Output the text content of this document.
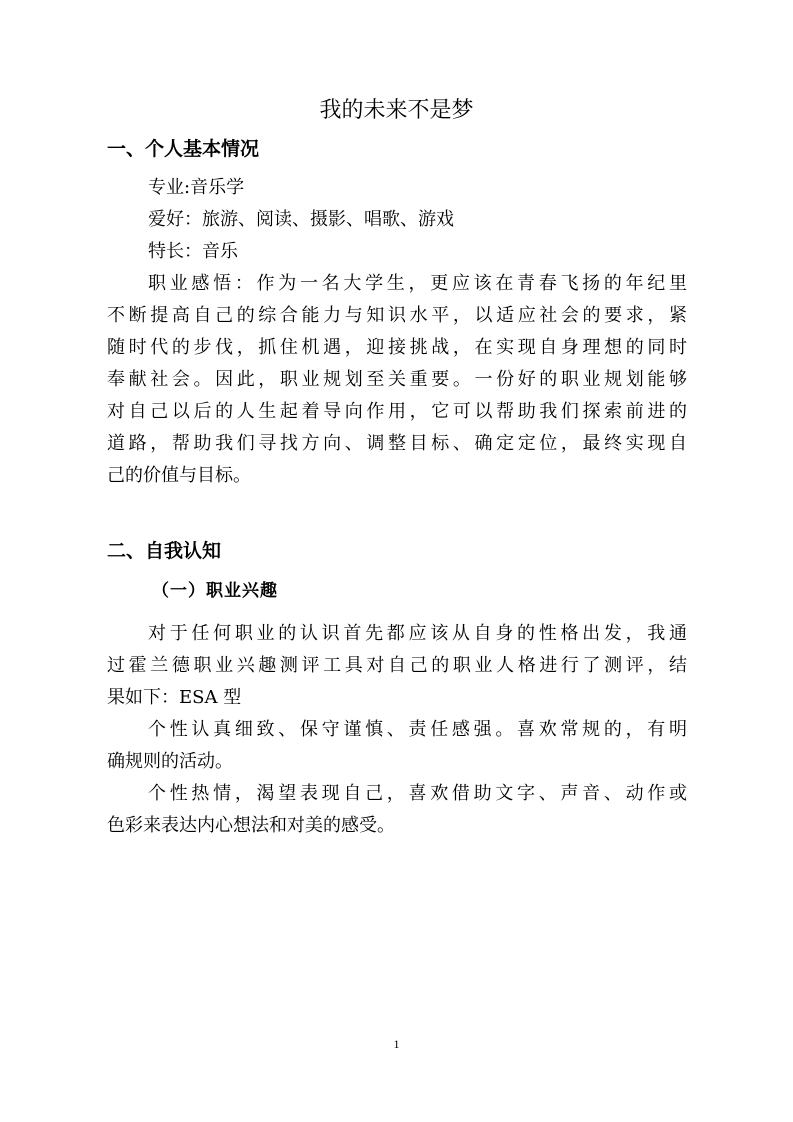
我的未来不是梦
一、个人基本情况
专业:音乐学
爱好：旅游、阅读、摄影、唱歌、游戏
特长：音乐
职业感悟：作为一名大学生，更应该在青春飞扬的年纪里
不断提高自己的综合能力与知识水平，以适应社会的要求，紧
随时代的步伐，抓住机遇，迎接挑战，在实现自身理想的同时
奉献社会。因此，职业规划至关重要。一份好的职业规划能够
对自己以后的人生起着导向作用，它可以帮助我们探索前进的
道路，帮助我们寻找方向、调整目标、确定定位，最终实现自
己的价值与目标。
二、自我认知
（一）职业兴趣
对于任何职业的认识首先都应该从自身的性格出发，我通
过霍兰德职业兴趣测评工具对自己的职业人格进行了测评，结
果如下：ESA 型
个性认真细致、保守谨慎、责任感强。喜欢常规的，有明
确规则的活动。
个性热情，渴望表现自己，喜欢借助文字、声音、动作或
色彩来表达内心想法和对美的感受。
1
